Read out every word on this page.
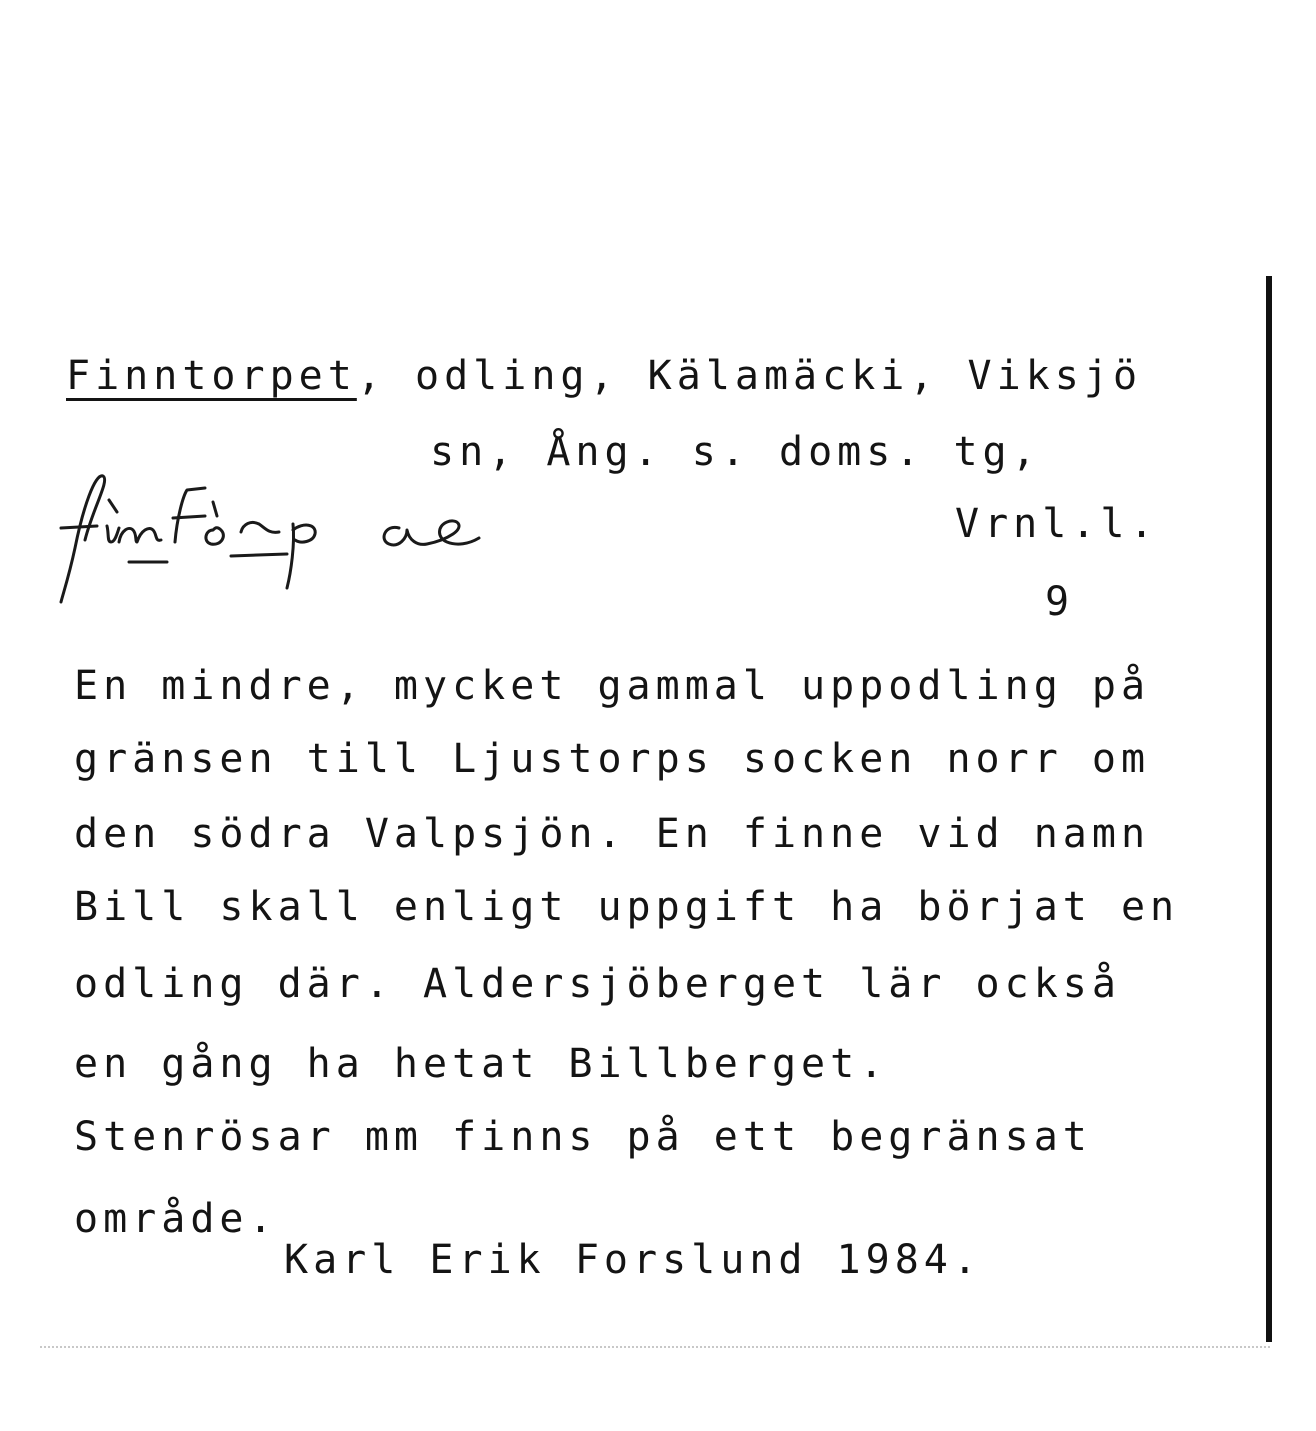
Finntorpet, odling, Kälamäcki, Viksjö
sn, Ång. s. doms. tg,
Vrnl.l.
9
En mindre, mycket gammal uppodling på
gränsen till Ljustorps socken norr om
den södra Valpsjön. En finne vid namn
Bill skall enligt uppgift ha börjat en
odling där. Aldersjöberget lär också
en gång ha hetat Billberget.
Stenrösar mm finns på ett begränsat
område.
Karl Erik Forslund 1984.
